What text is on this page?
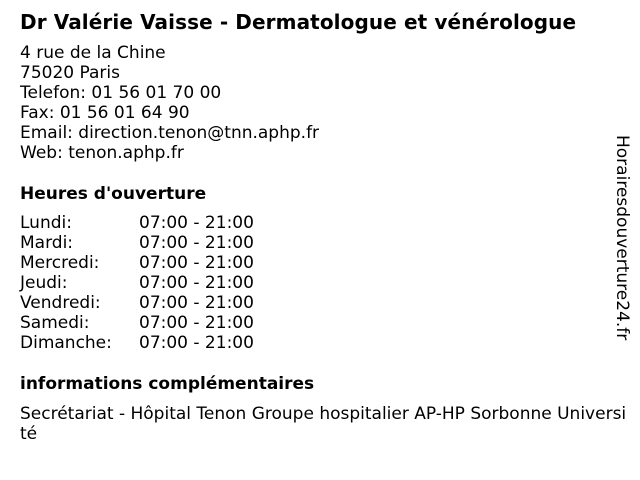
Dr Valérie Vaisse - Dermatologue et vénérologue
4 rue de la Chine
75020 Paris
Telefon: 01 56 01 70 00
Fax: 01 56 01 64 90
Email: direction.tenon@tnn.aphp.fr
Web: tenon.aphp.fr
Heures d'ouverture
Lundi:	07:00 - 21:00
Mardi:	07:00 - 21:00
Mercredi: 07:00 - 21:00
Jeudi:	07:00 - 21:00
Vendredi: 07:00 - 21:00
Samedi:	07:00 - 21:00
Dimanche: 07:00 - 21:00
informations complémentaires
Secrétariat - Hôpital Tenon Groupe hospitalier AP-HP Sorbonne Université
Horairesdouverture24.fr
